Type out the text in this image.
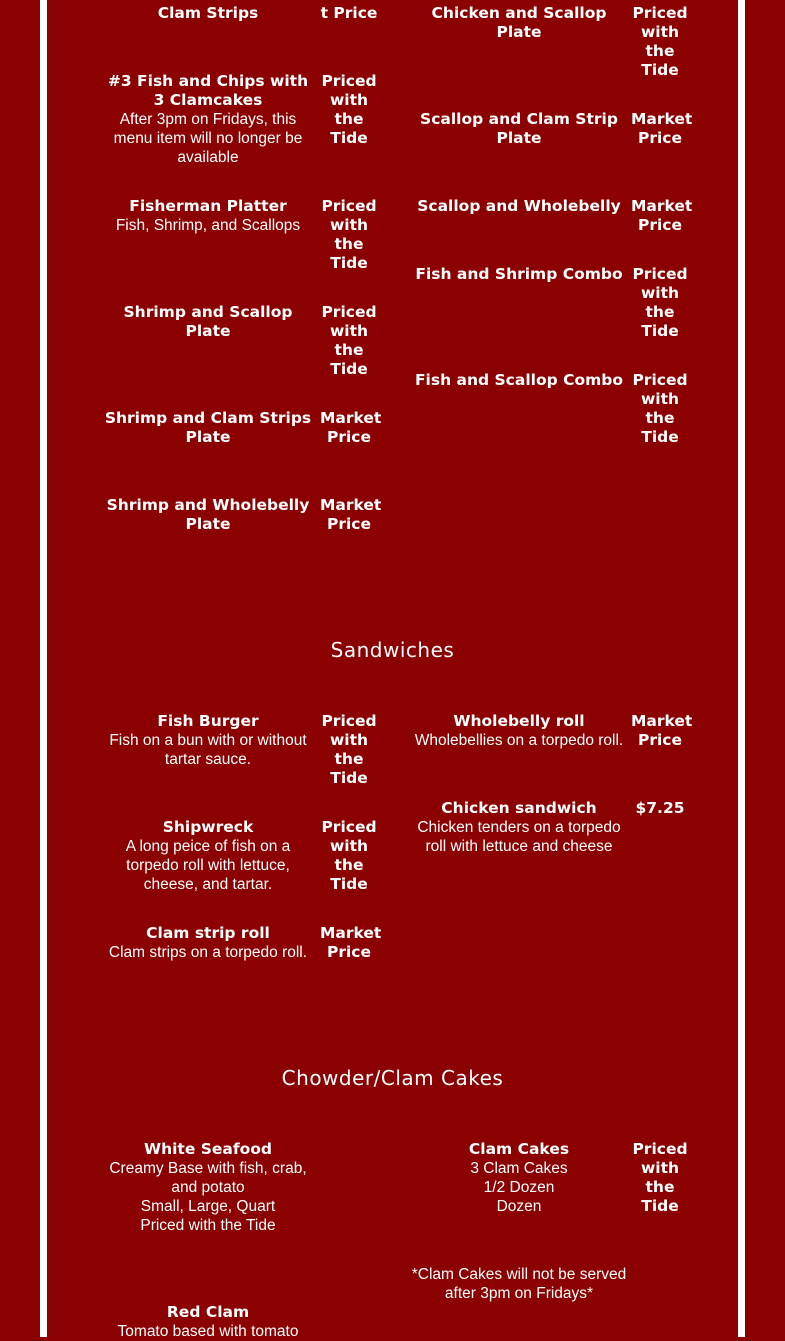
Clam Strips	t Price
#3 Fish and Chips with 3 Clamcakes
After 3pm on Fridays, this menu item will no longer be available
Priced with the Tide
Fisherman Platter
Fish, Shrimp, and Scallops
Priced with the Tide
Shrimp and Scallop Plate
Priced with the Tide
Shrimp and Clam Strips Plate
Market Price
Shrimp and Wholebelly Plate
Market Price
Chicken and Scallop Plate
Priced with the Tide
Scallop and Clam Strip Plate
Market Price
Scallop and Wholebelly Market Price
Fish and Shrimp Combo Priced with the Tide
Fish and Scallop Combo Priced with the Tide
Sandwiches
Fish Burger
Fish on a bun with or without tartar sauce.
Priced with the Tide
Shipwreck
A long peice of fish on a torpedo roll with lettuce, cheese, and tartar.
Priced with the Tide
Clam strip roll
Clam strips on a torpedo roll.
Market Price
Wholebelly roll
Wholebellies on a torpedo roll.
Market Price
Chicken sandwich
Chicken tenders on a torpedo roll with lettuce and cheese
$7.25
Chowder/Clam Cakes
White Seafood
Creamy Base with fish, crab, and potato
Small, Large, Quart
Priced with the Tide
Clam Cakes
3 Clam Cakes
1/2 Dozen
Dozen
Priced with the Tide
*Clam Cakes will not be served after 3pm on Fridays*
Red Clam
Tomato based with tomato
